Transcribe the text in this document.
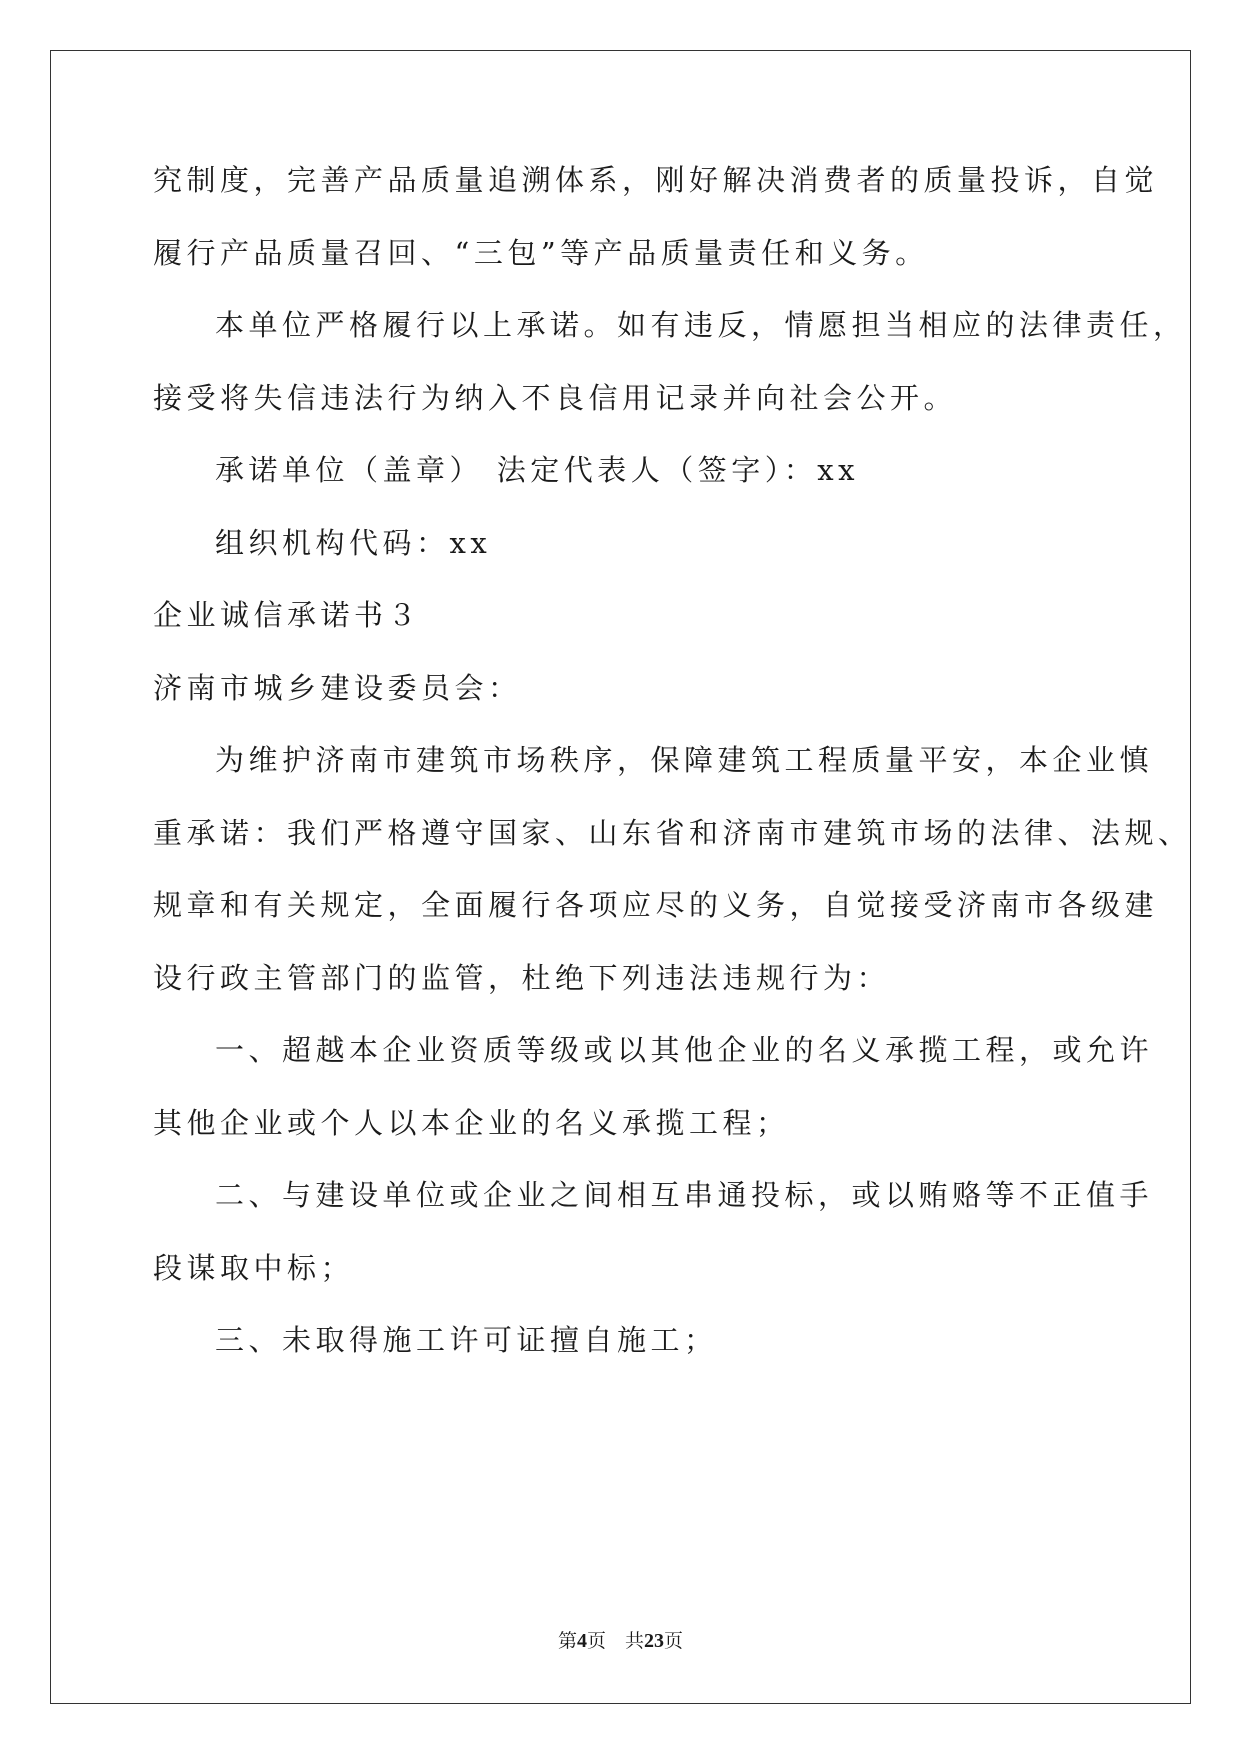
究制度，完善产品质量追溯体系，刚好解决消费者的质量投诉，自觉
履行产品质量召回、“三包”等产品质量责任和义务。
本单位严格履行以上承诺。如有违反，情愿担当相应的法律责任，
接受将失信违法行为纳入不良信用记录并向社会公开。
承诺单位（盖章） 法定代表人（签字）：xx
组织机构代码：xx
企业诚信承诺书３
济南市城乡建设委员会：
为维护济南市建筑市场秩序，保障建筑工程质量平安，本企业慎
重承诺：我们严格遵守国家、山东省和济南市建筑市场的法律、法规、
规章和有关规定，全面履行各项应尽的义务，自觉接受济南市各级建
设行政主管部门的监管，杜绝下列违法违规行为：
一、超越本企业资质等级或以其他企业的名义承揽工程，或允许
其他企业或个人以本企业的名义承揽工程；
二、与建设单位或企业之间相互串通投标，或以贿赂等不正值手
段谋取中标；
三、未取得施工许可证擅自施工；
第4页　共23页
